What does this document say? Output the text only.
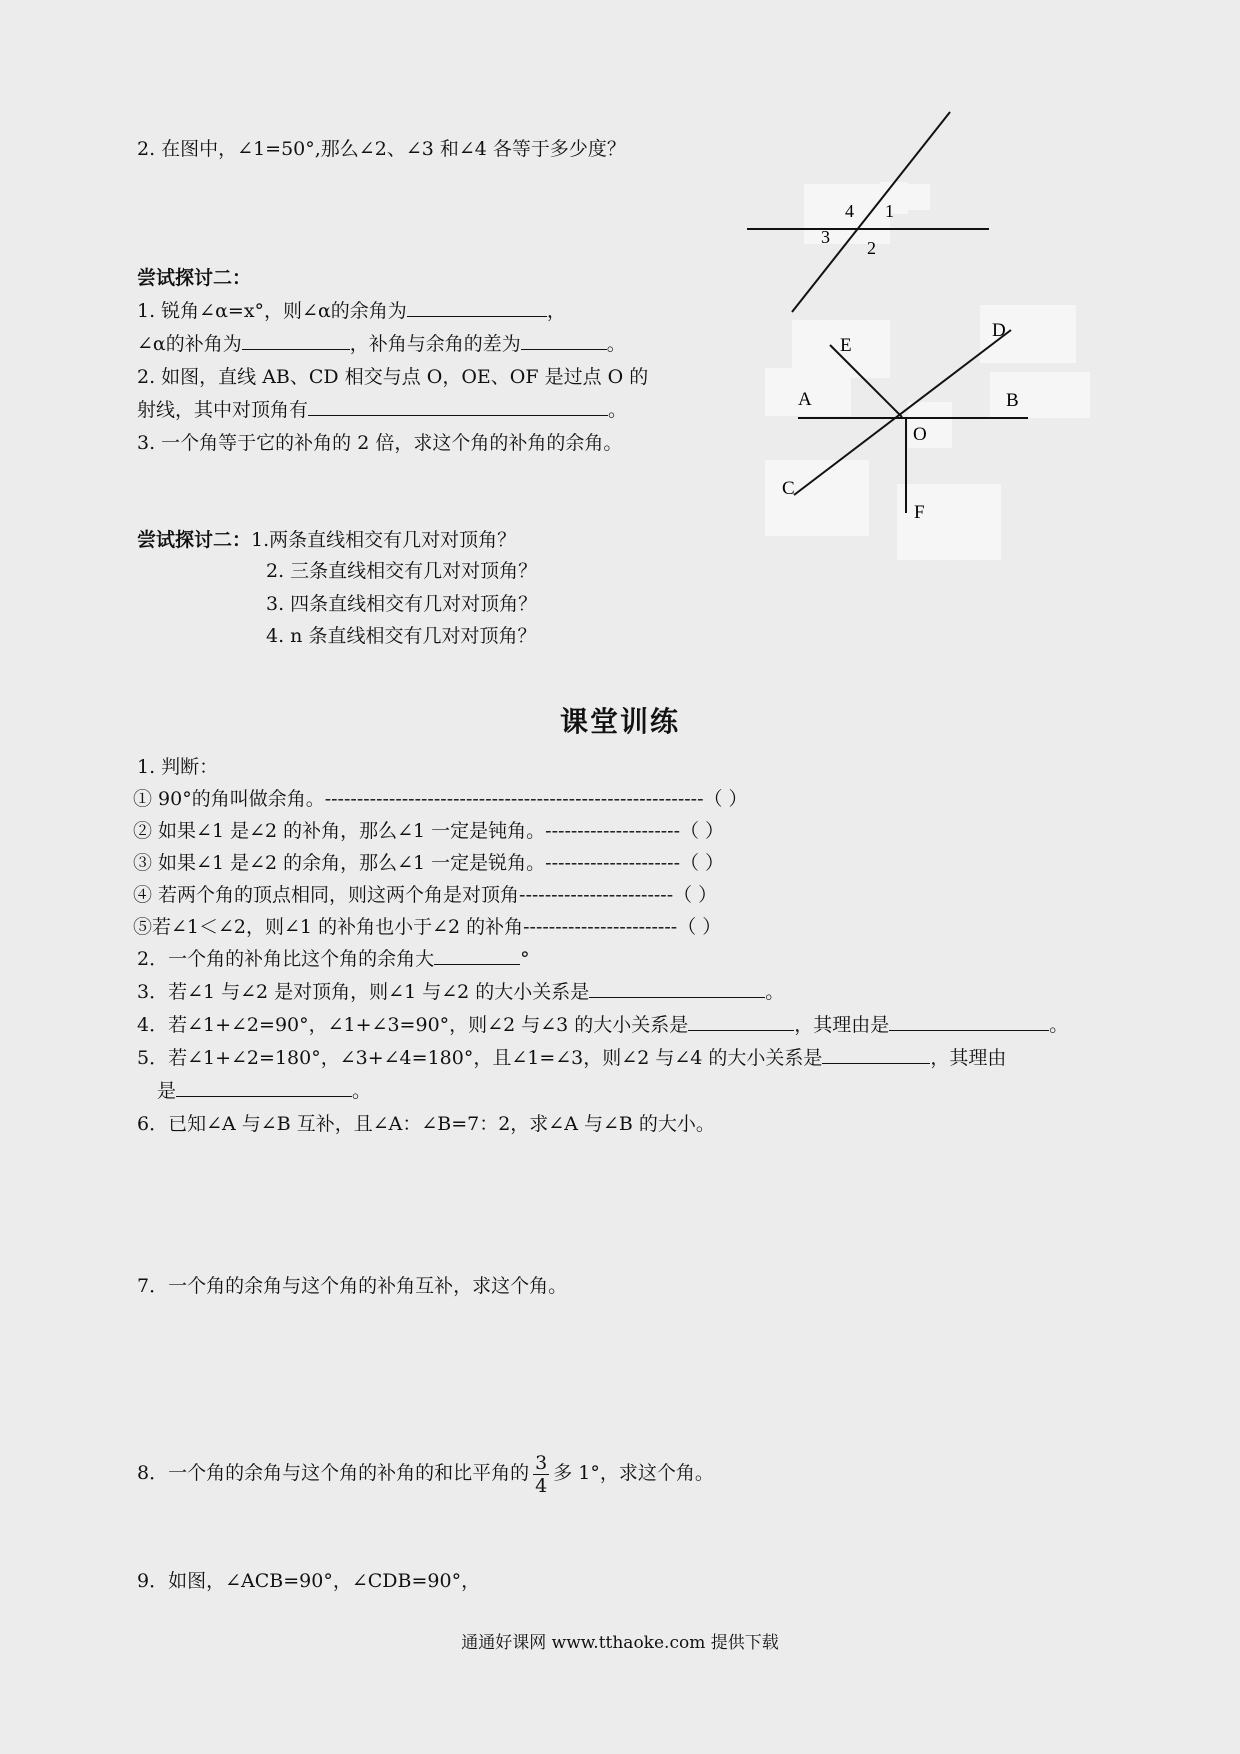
2. 在图中，∠1=50°,那么∠2、∠3 和∠4 各等于多少度？
4 1
3
2
E
D
A	B
O
C
F
尝试探讨二：
1. 锐角∠α=x°，则∠α的余角为	，
∠α的补角为	，补角与余角的差为	。
2. 如图，直线 AB、CD 相交与点 O，OE、OF 是过点 O 的
射线，其中对顶角有	。
3. 一个角等于它的补角的 2 倍，求这个角的补角的余角。
尝试探讨二：1.两条直线相交有几对对顶角？
2. 三条直线相交有几对对顶角？
3. 四条直线相交有几对对顶角？
4. n 条直线相交有几对对顶角？
课堂训练
1. 判断：
① 90°的角叫做余角。-----------------------------------------------------------（ ）
② 如果∠1 是∠2 的补角，那么∠1 一定是钝角。---------------------（ ）
③ 如果∠1 是∠2 的余角，那么∠1 一定是锐角。---------------------（ ）
④ 若两个角的顶点相同，则这两个角是对顶角------------------------（ ）
⑤若∠1＜∠2，则∠1 的补角也小于∠2 的补角------------------------（ ）
2．一个角的补角比这个角的余角大	°
3．若∠1 与∠2 是对顶角，则∠1 与∠2 的大小关系是	。
4．若∠1+∠2=90°，∠1+∠3=90°，则∠2 与∠3 的大小关系是	，其理由是	。
5．若∠1+∠2=180°，∠3+∠4=180°，且∠1=∠3，则∠2 与∠4 的大小关系是	，其理由
是	。
6．已知∠A 与∠B 互补，且∠A：∠B=7：2，求∠A 与∠B 的大小。
7．一个角的余角与这个角的补角互补，求这个角。
8．一个角的余角与这个角的补角的和比平角的 $\frac{3}{4}$ 多 1°，求这个角。
9．如图，∠ACB=90°，∠CDB=90°，
通通好课网 www.tthaoke.com 提供下载
